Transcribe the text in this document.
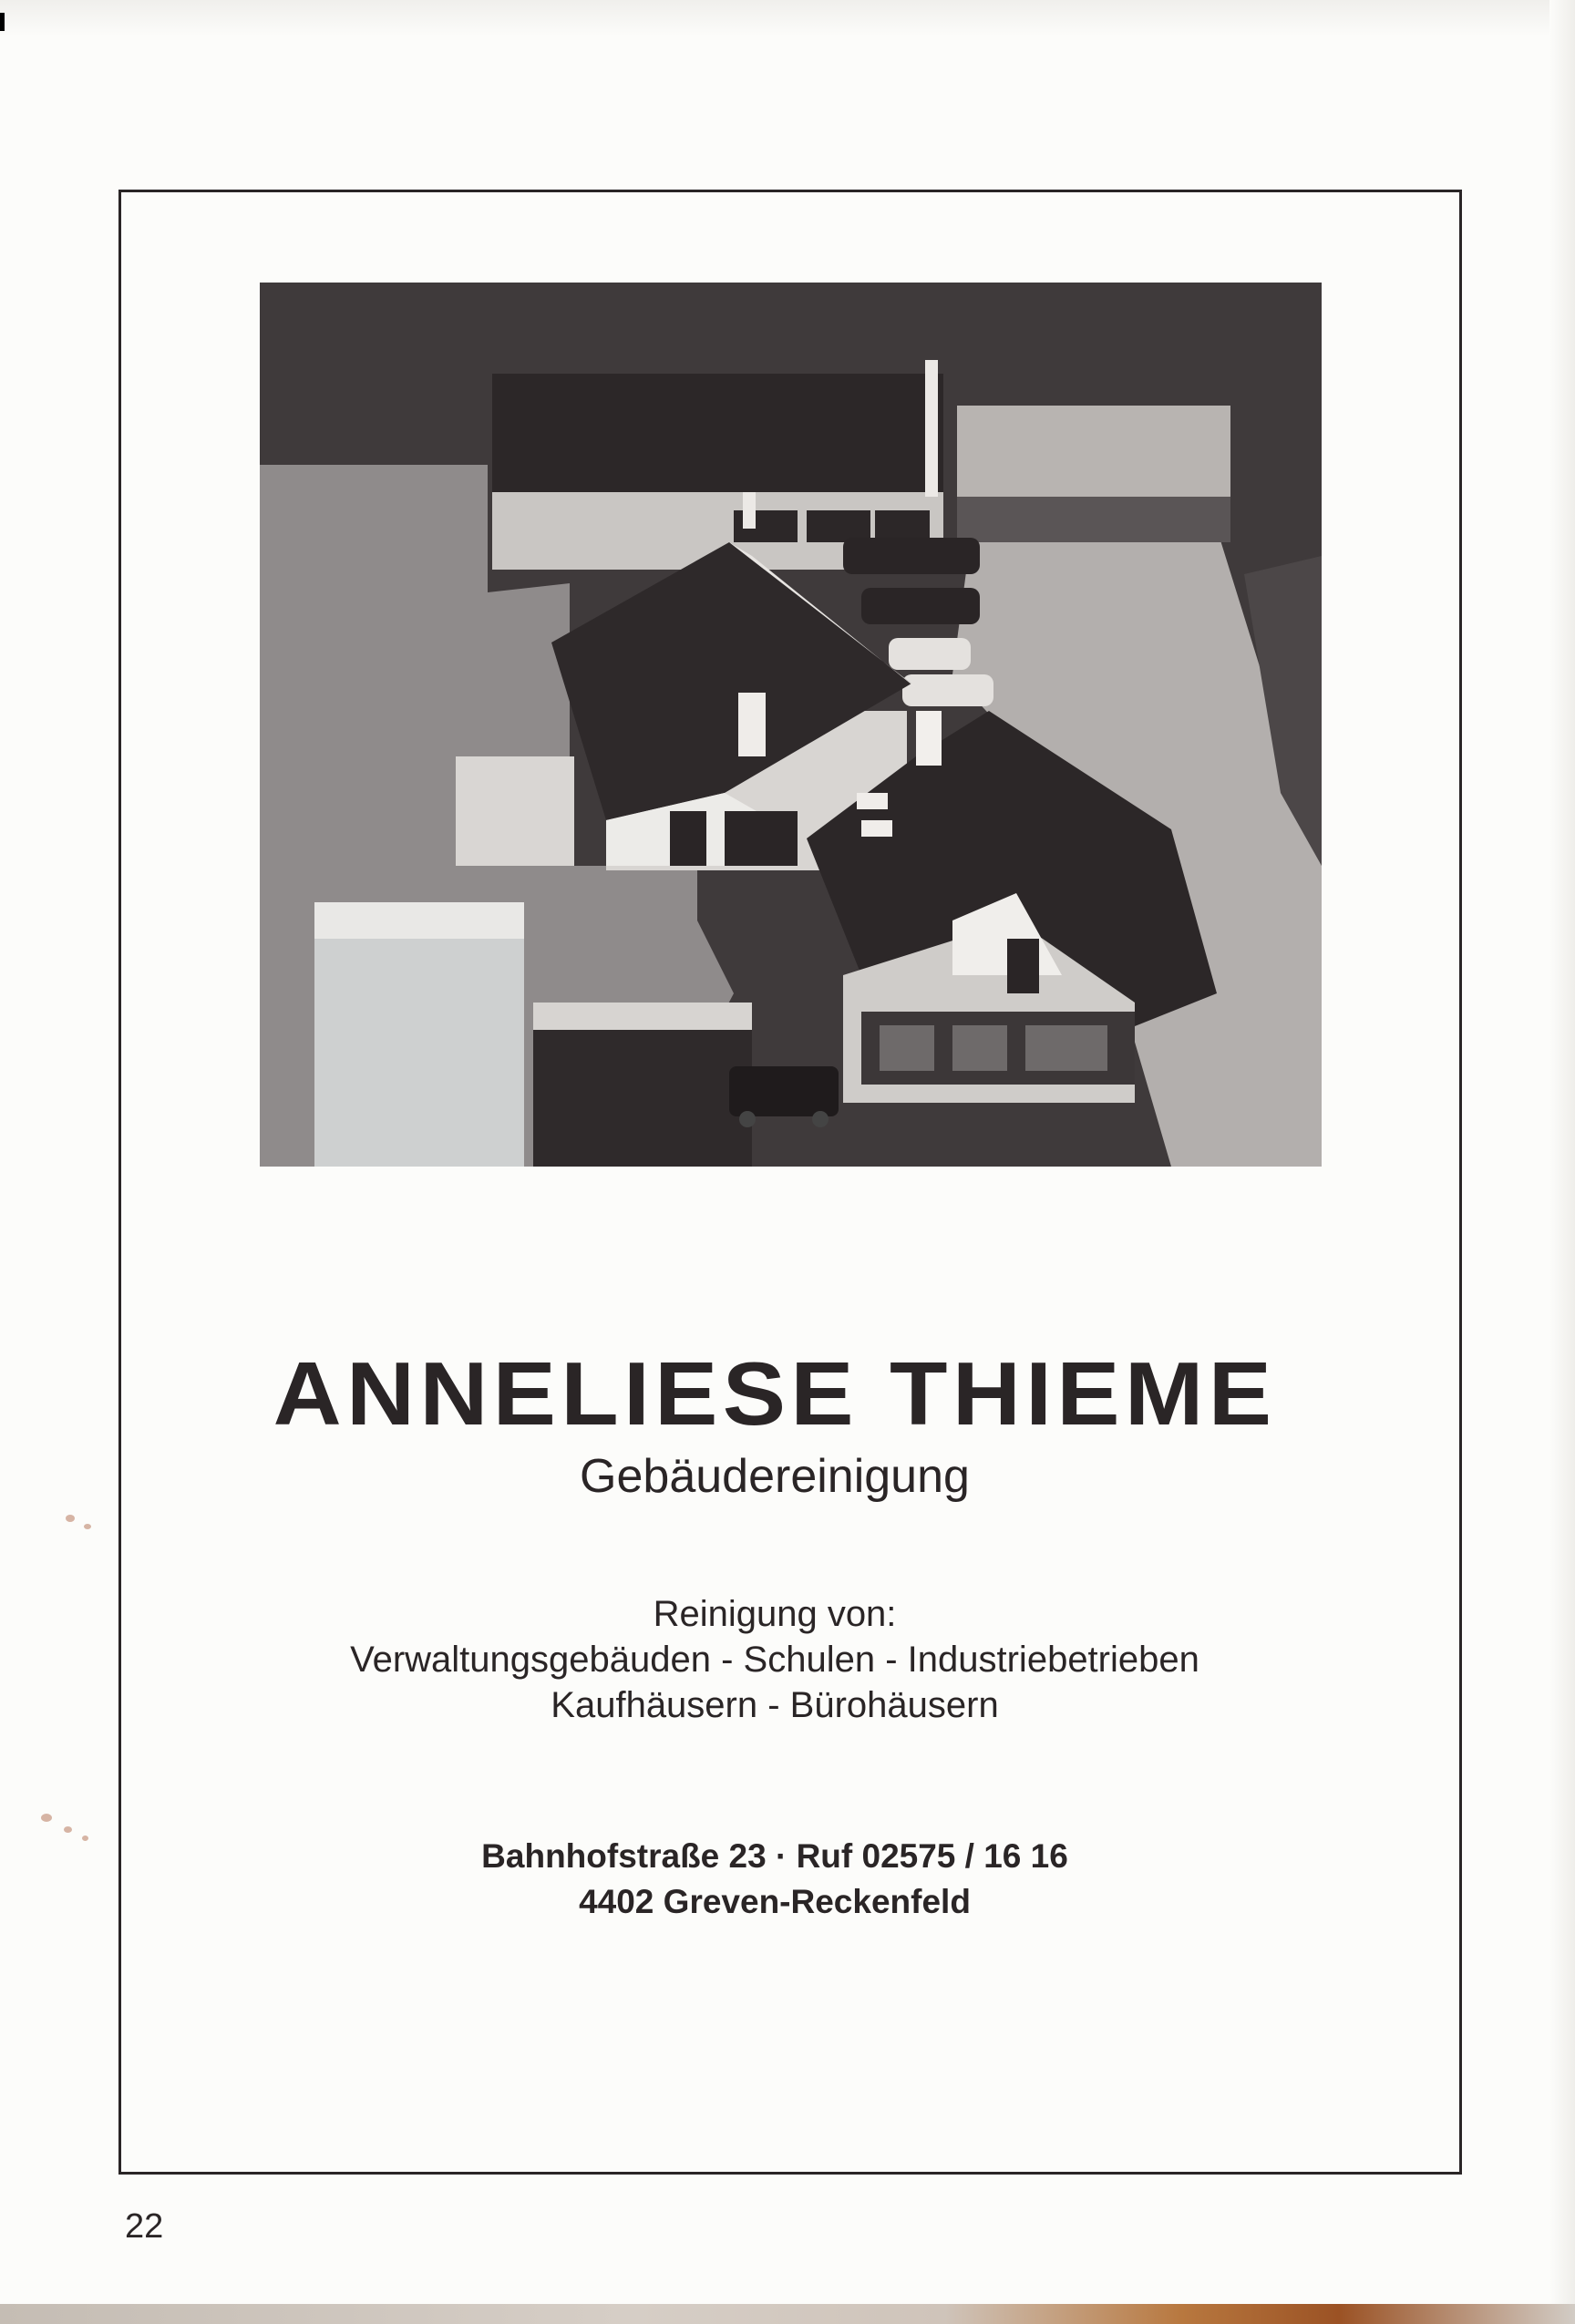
ANNELIESE THIEME
Gebäudereinigung
Reinigung von:
Verwaltungsgebäuden - Schulen - Industriebetrieben
Kaufhäusern - Bürohäusern
Bahnhofstraße 23 · Ruf 02575 / 16 16
4402 Greven-Reckenfeld
22
